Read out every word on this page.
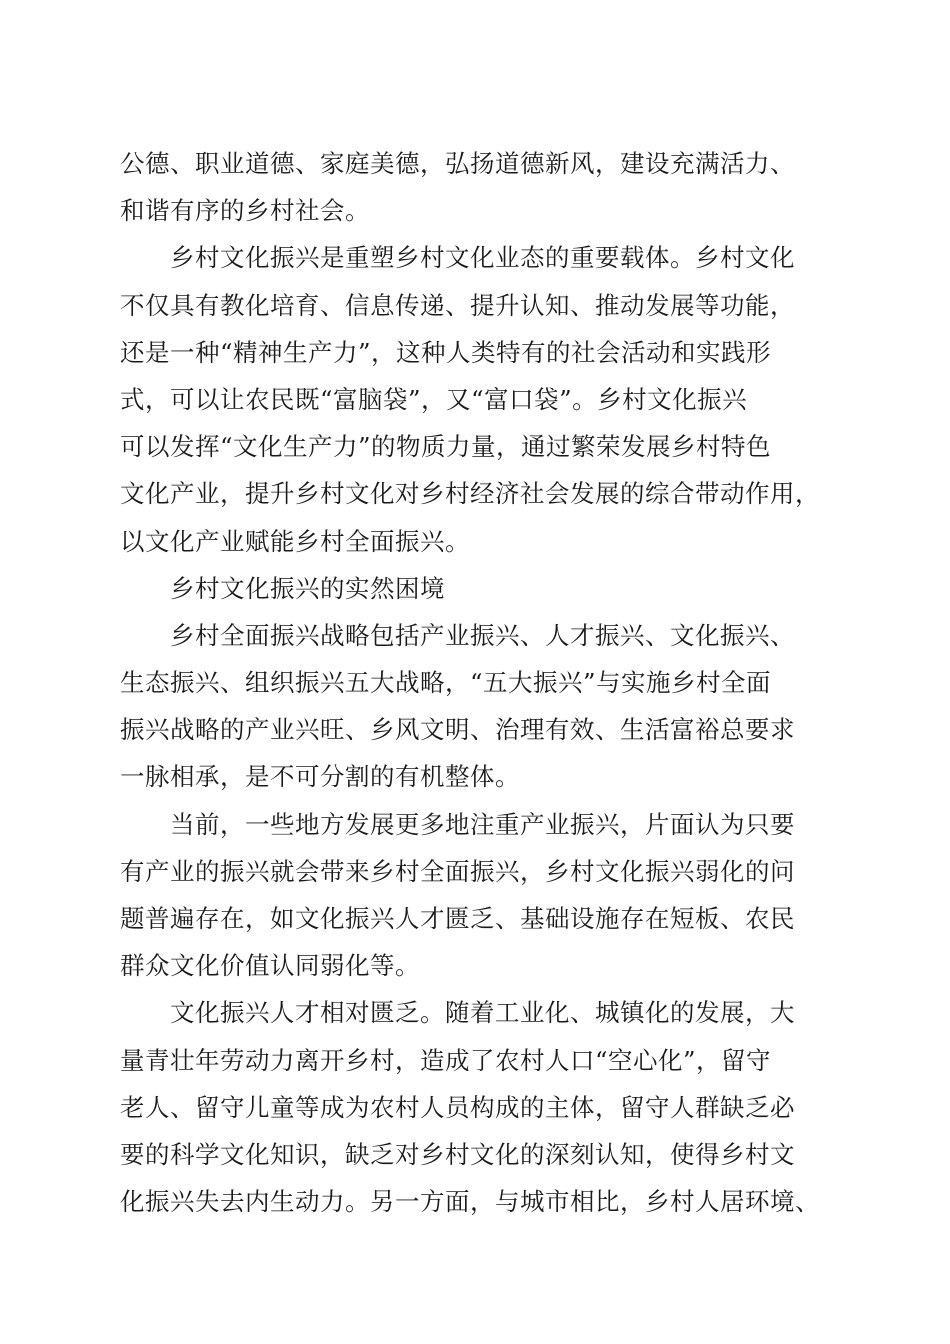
公德、职业道德、家庭美德，弘扬道德新风，建设充满活力、
和谐有序的乡村社会。
乡村文化振兴是重塑乡村文化业态的重要载体。乡村文化
不仅具有教化培育、信息传递、提升认知、推动发展等功能，
还是一种“精神生产力”，这种人类特有的社会活动和实践形
式，可以让农民既“富脑袋”，又“富口袋”。乡村文化振兴
可以发挥“文化生产力”的物质力量，通过繁荣发展乡村特色
文化产业，提升乡村文化对乡村经济社会发展的综合带动作用，
以文化产业赋能乡村全面振兴。
乡村文化振兴的实然困境
乡村全面振兴战略包括产业振兴、人才振兴、文化振兴、
生态振兴、组织振兴五大战略，“五大振兴”与实施乡村全面
振兴战略的产业兴旺、乡风文明、治理有效、生活富裕总要求
一脉相承，是不可分割的有机整体。
当前，一些地方发展更多地注重产业振兴，片面认为只要
有产业的振兴就会带来乡村全面振兴，乡村文化振兴弱化的问
题普遍存在，如文化振兴人才匮乏、基础设施存在短板、农民
群众文化价值认同弱化等。
文化振兴人才相对匮乏。随着工业化、城镇化的发展，大
量青壮年劳动力离开乡村，造成了农村人口“空心化”，留守
老人、留守儿童等成为农村人员构成的主体，留守人群缺乏必
要的科学文化知识，缺乏对乡村文化的深刻认知，使得乡村文
化振兴失去内生动力。另一方面，与城市相比，乡村人居环境、
